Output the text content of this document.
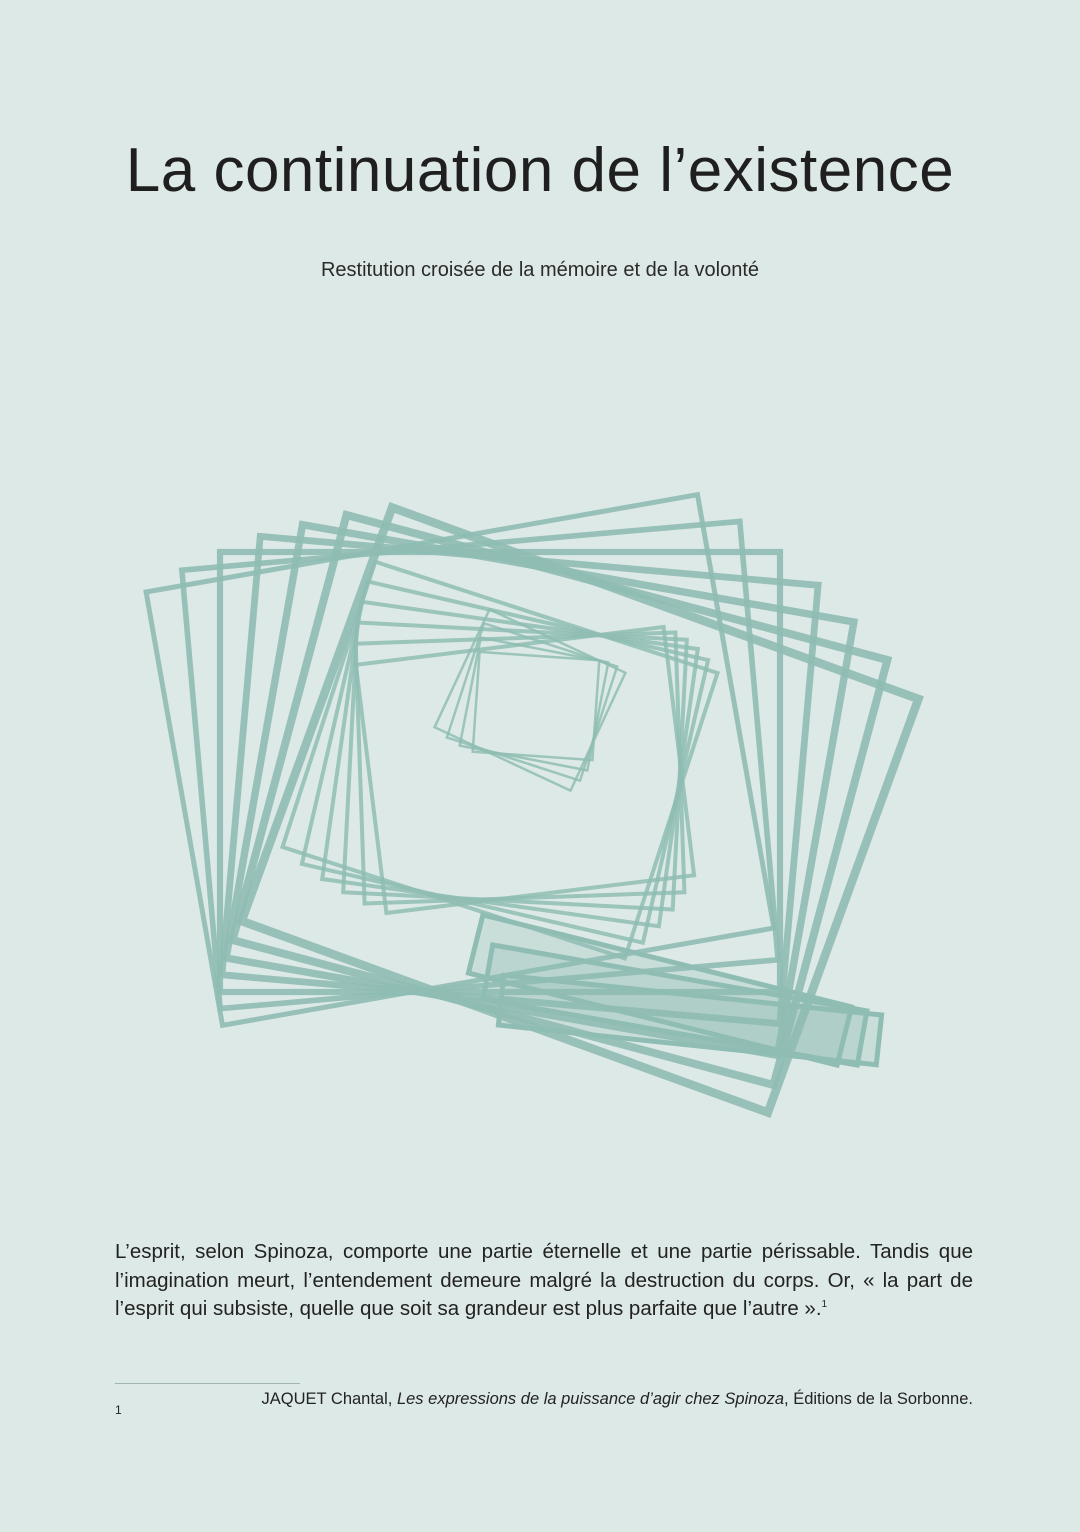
La continuation de l’existence

Restitution croisée de la mémoire et de la volonté

L’esprit, selon Spinoza, comporte une partie éternelle et une partie périssable. Tandis que l’imagination meurt, l’entendement demeure malgré la destruction du corps. Or, « la part de l’esprit qui subsiste, quelle que soit sa grandeur est plus parfaite que l’autre ».$^1$

1
JAQUET Chantal, Les expressions de la puissance d’agir chez Spinoza, Éditions de la Sorbonne.
